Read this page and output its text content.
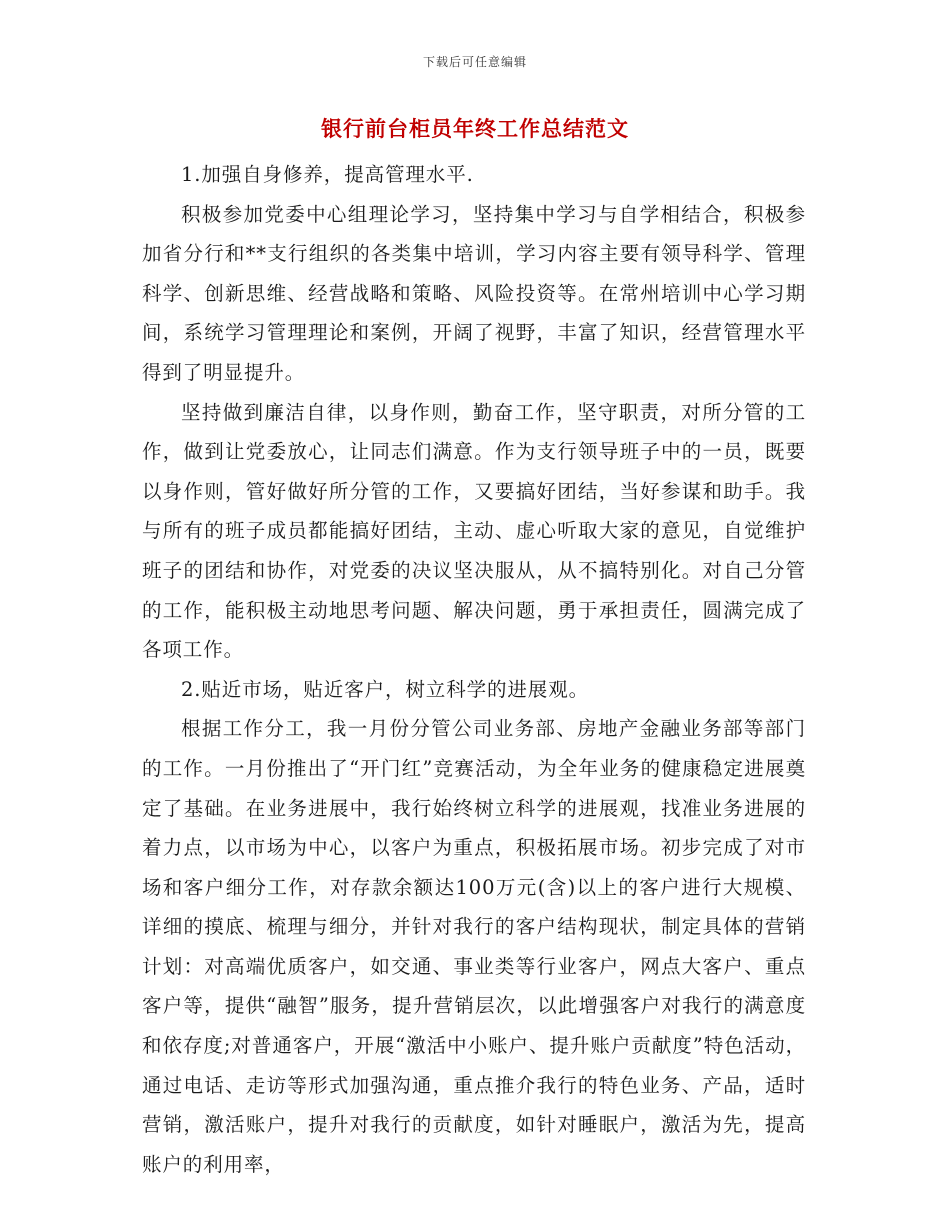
下载后可任意编辑
银行前台柜员年终工作总结范文

1.加强自身修养，提高管理水平.

积极参加党委中心组理论学习，坚持集中学习与自学相结合，积极参加省分行和**支行组织的各类集中培训，学习内容主要有领导科学、管理科学、创新思维、经营战略和策略、风险投资等。在常州培训中心学习期间，系统学习管理理论和案例，开阔了视野，丰富了知识，经营管理水平得到了明显提升。

坚持做到廉洁自律，以身作则，勤奋工作，坚守职责，对所分管的工作，做到让党委放心，让同志们满意。作为支行领导班子中的一员，既要以身作则，管好做好所分管的工作，又要搞好团结，当好参谋和助手。我与所有的班子成员都能搞好团结，主动、虚心听取大家的意见，自觉维护班子的团结和协作，对党委的决议坚决服从，从不搞特别化。对自己分管的工作，能积极主动地思考问题、解决问题，勇于承担责任，圆满完成了各项工作。

2.贴近市场，贴近客户，树立科学的进展观。

根据工作分工，我一月份分管公司业务部、房地产金融业务部等部门的工作。一月份推出了“开门红”竞赛活动，为全年业务的健康稳定进展奠定了基础。在业务进展中，我行始终树立科学的进展观，找准业务进展的着力点，以市场为中心，以客户为重点，积极拓展市场。初步完成了对市场和客户细分工作，对存款余额达100万元(含)以上的客户进行大规模、详细的摸底、梳理与细分，并针对我行的客户结构现状，制定具体的营销计划：对高端优质客户，如交通、事业类等行业客户，网点大客户、重点客户等，提供“融智”服务，提升营销层次，以此增强客户对我行的满意度和依存度;对普通客户，开展“激活中小账户、提升账户贡献度”特色活动，通过电话、走访等形式加强沟通，重点推介我行的特色业务、产品，适时营销，激活账户，提升对我行的贡献度，如针对睡眠户，激活为先，提高账户的利用率，
